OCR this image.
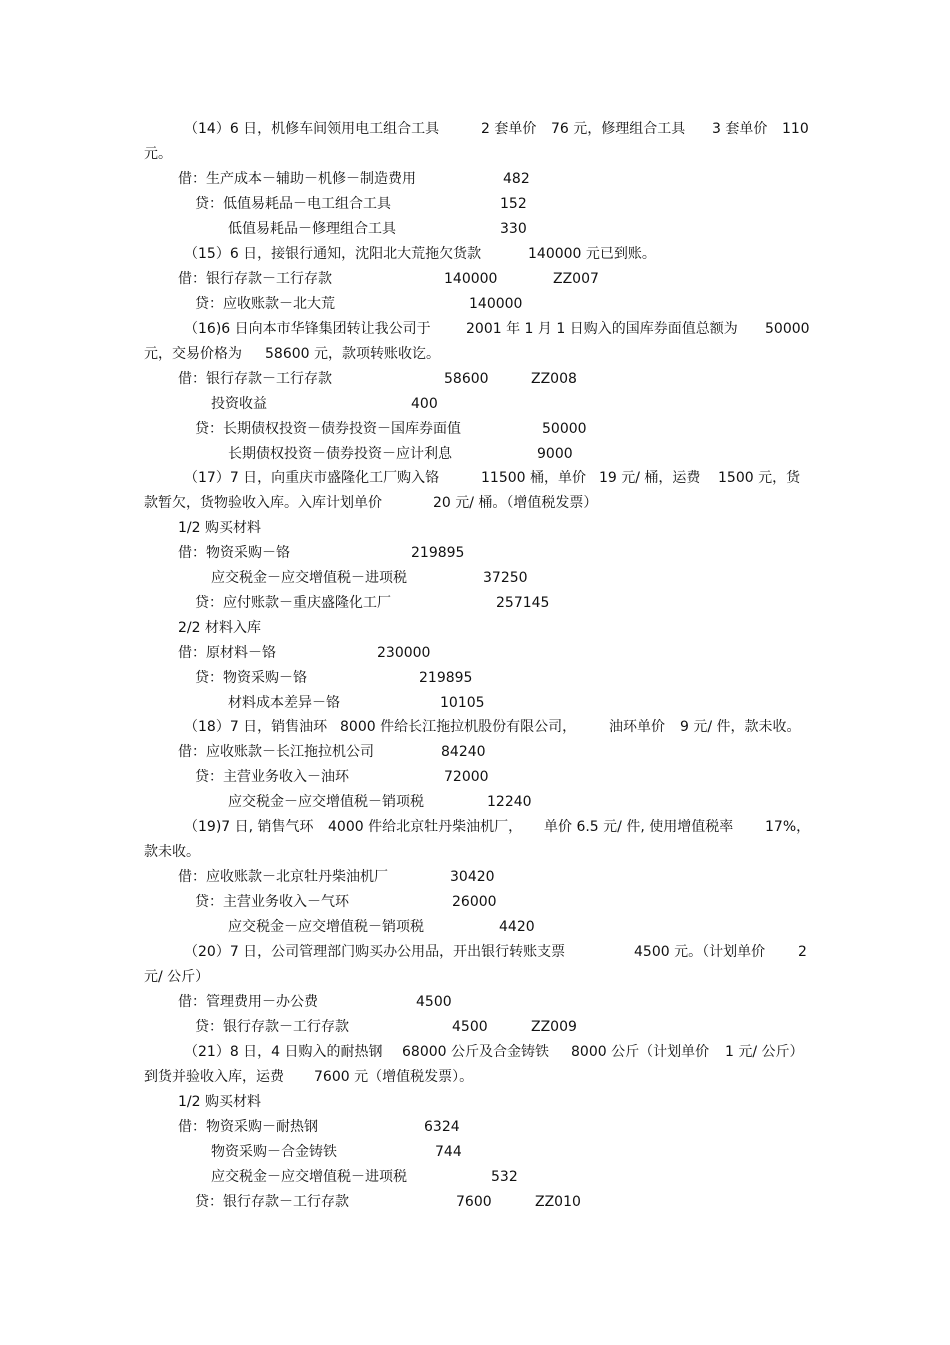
（14）6 日，机修车间领用电工组合工具	2 套单价 76 元，修理组合工具 3 套单价 110
元。
借：生产成本－辅助－机修－制造费用	482
贷：低值易耗品－电工组合工具	152
低值易耗品－修理组合工具	330
（15）6 日，接银行通知，沈阳北大荒拖欠货款	140000 元已到账。
借：银行存款－工行存款	140000	ZZ007
贷：应收账款－北大荒	140000
（16)6 日向本市华锋集团转让我公司于	2001 年 1 月 1 日购入的国库券面值总额为 50000
元，交易价格为 58600 元，款项转账收讫。
借：银行存款－工行存款	58600	ZZ008
投资收益	400
贷：长期债权投资－债券投资－国库券面值	50000
长期债权投资－债券投资－应计利息	9000
（17）7 日，向重庆市盛隆化工厂购入铬	11500 桶，单价 19 元/ 桶，运费 1500 元，货
款暂欠，货物验收入库。入库计划单价	20 元/ 桶。（增值税发票）
1/2 购买材料
借：物资采购－铬	219895
应交税金－应交增值税－进项税	37250
贷：应付账款－重庆盛隆化工厂	257145
2/2 材料入库
借：原材料－铬	230000
贷：物资采购－铬	219895
材料成本差异－铬	10105
（18）7 日，销售油环 8000 件给长江拖拉机股份有限公司， 油环单价 9 元/ 件，款未收。
借：应收账款－长江拖拉机公司	84240
贷：主营业务收入－油环	72000
应交税金－应交增值税－销项税	12240
（19)7 日, 销售气环 4000 件给北京牡丹柴油机厂， 单价 6.5 元/ 件, 使用增值税率 17%，
款未收。
借：应收账款－北京牡丹柴油机厂	30420
贷：主营业务收入－气环	26000
应交税金－应交增值税－销项税	4420
（20）7 日，公司管理部门购买办公用品，开出银行转账支票	4500 元。（计划单价 2
元/ 公斤）
借：管理费用－办公费	4500
贷：银行存款－工行存款	4500	ZZ009
（21）8 日，4 日购入的耐热钢 68000 公斤及合金铸铁 8000 公斤（计划单价 1 元/ 公斤）
到货并验收入库，运费 7600 元（增值税发票）。
1/2 购买材料
借：物资采购－耐热钢	6324
物资采购－合金铸铁	744
应交税金－应交增值税－进项税	532
贷：银行存款－工行存款	7600	ZZ010
